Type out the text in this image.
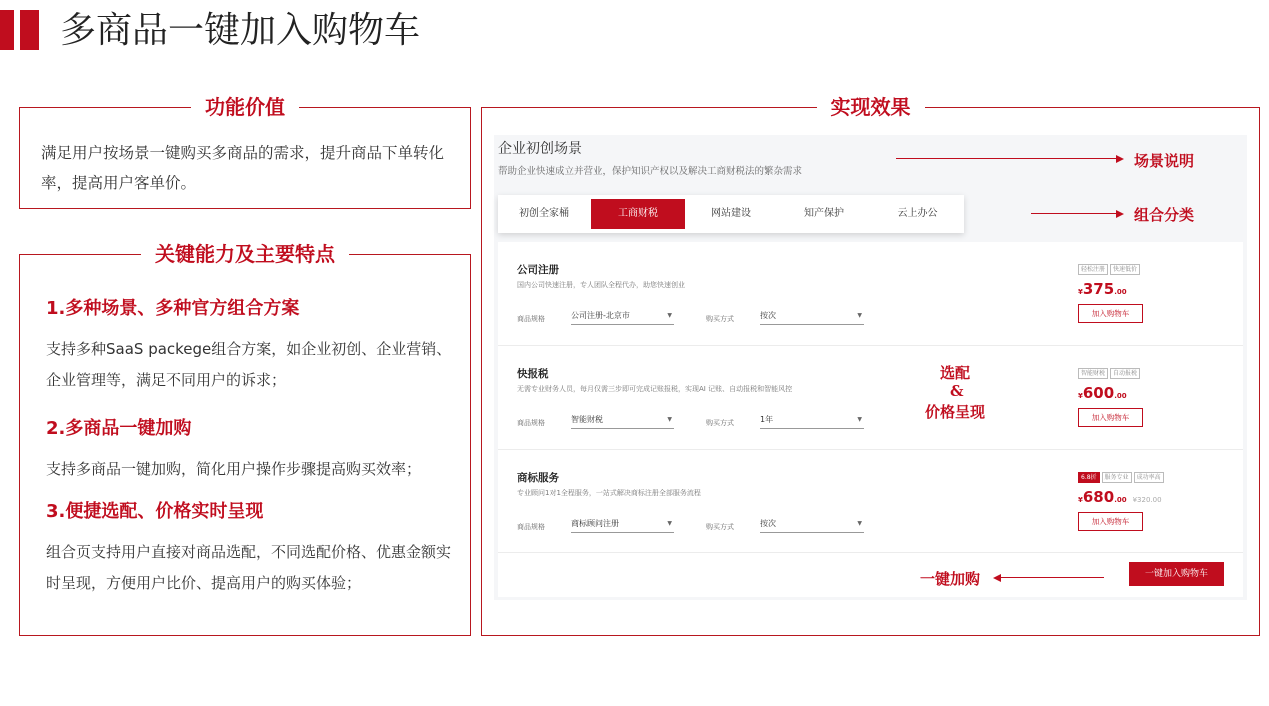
多商品一键加入购物车
功能价值
满足用户按场景一键购买多商品的需求，提升商品下单转化率，提高用户客单价。
关键能力及主要特点
1.多种场景、多种官方组合方案
支持多种SaaS packege组合方案，如企业初创、企业营销、企业管理等，满足不同用户的诉求；
2.多商品一键加购
支持多商品一键加购，简化用户操作步骤提高购买效率；
3.便捷选配、价格实时呈现
组合页支持用户直接对商品选配，不同选配价格、优惠金额实时呈现，方便用户比价、提高用户的购买体验；
实现效果
企业初创场景
帮助企业快速成立并营业，保护知识产权以及解决工商财税法的繁杂需求
初创全家桶	工商财税	网站建设	知产保护	云上办公
公司注册
国内公司快速注册，专人团队全程代办，助您快速创业
商品规格	公司注册-北京市	▼	购买方式	按次	▼
轻松注册 快速低价
¥375.00
加入购物车
快报税
无需专业财务人员，每月仅需三步即可完成记账报税，实现AI 记账、自动报税和智能风控
商品规格	智能财税	▼	购买方式	1年	▼
智能财税 自动报税
¥600.00
加入购物车
商标服务
专业顾问1对1全程服务，一站式解决商标注册全部服务流程
商品规格	商标顾问注册	▼	购买方式	按次	▼
6.8折 服务专业 成功率高
¥680.00 ¥320.00
加入购物车
一键加入购物车
场景说明
组合分类
选配
&
价格呈现
一键加购
